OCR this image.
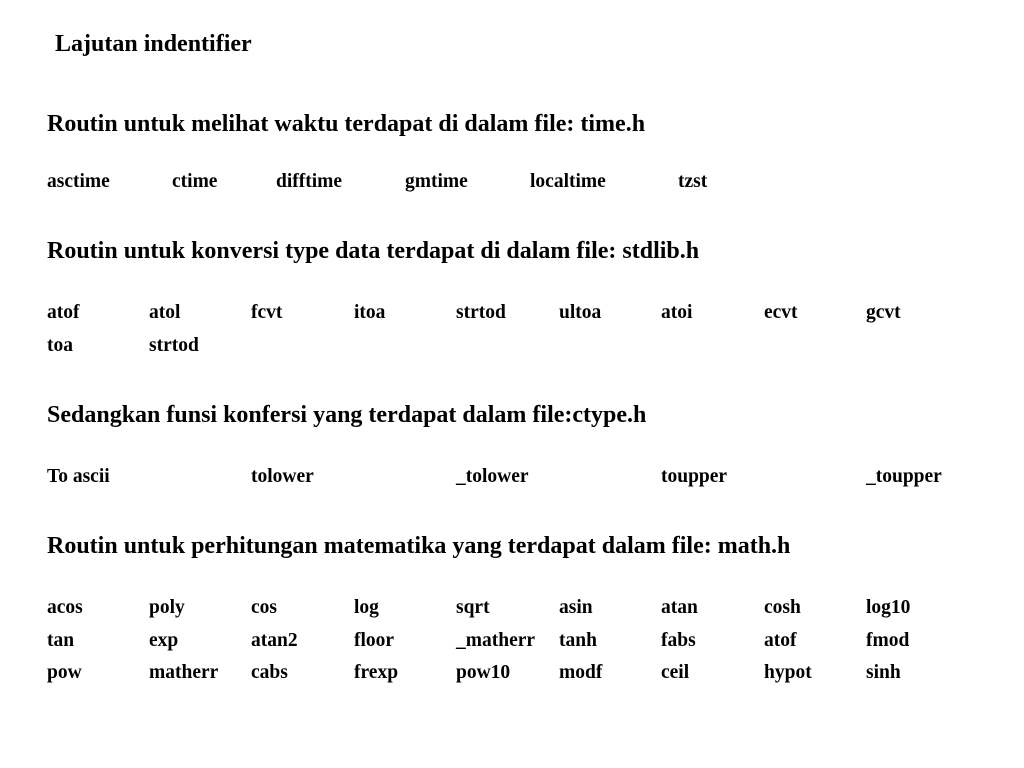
Lajutan indentifier
Routin untuk melihat waktu terdapat di dalam file: time.h
asctime	ctime	difftime	gmtime	localtime	tzst
Routin untuk konversi type data terdapat di dalam file: stdlib.h
atof	atol	fcvt	itoa	strtod	ultoa	atoi	ecvt	gcvt
toa	strtod
Sedangkan funsi konfersi yang terdapat dalam file:ctype.h
To ascii	tolower	_tolower	toupper	_toupper
Routin untuk perhitungan matematika yang terdapat dalam file: math.h
acos	poly	cos	log	sqrt	asin	atan	cosh	log10
tan	exp	atan2	floor	_matherr tanh	fabs	atof	fmod
pow	matherr cabs	frexp	pow10	modf	ceil	hypot	sinh
